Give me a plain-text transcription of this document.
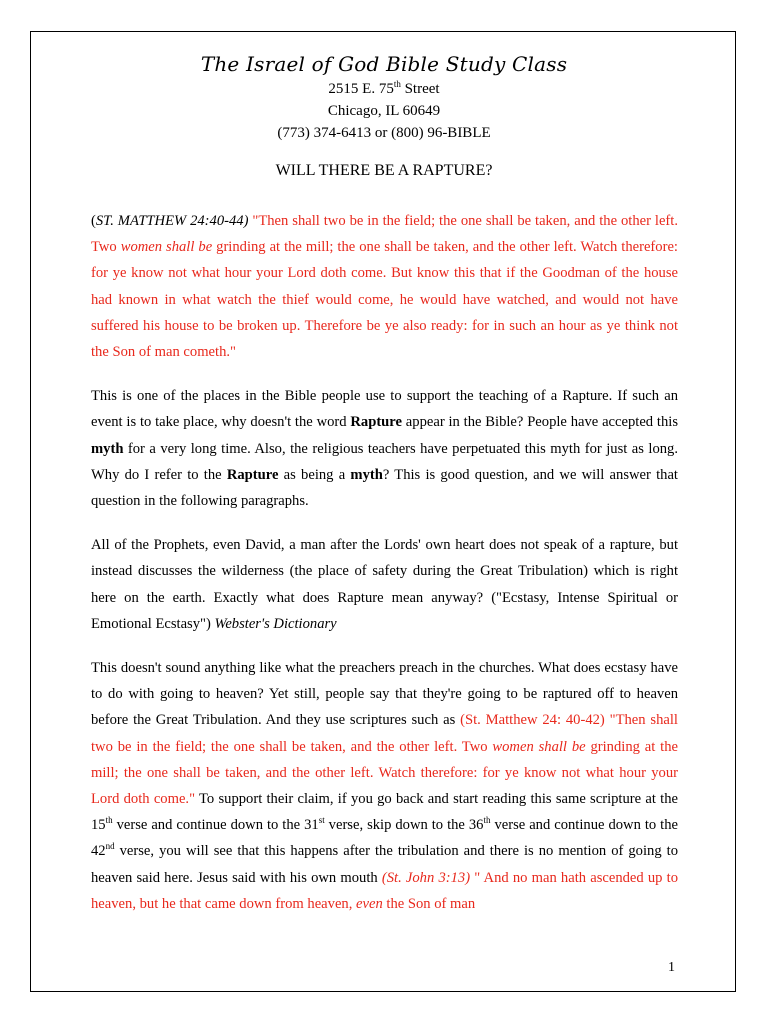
The Israel of God Bible Study Class
2515 E. 75th Street
Chicago, IL 60649
(773) 374-6413 or (800) 96-BIBLE
WILL THERE BE A RAPTURE?

(ST. MATTHEW 24:40-44) "Then shall two be in the field; the one shall be taken, and the other left. Two women shall be grinding at the mill; the one shall be taken, and the other left. Watch therefore: for ye know not what hour your Lord doth come. But know this that if the Goodman of the house had known in what watch the thief would come, he would have watched, and would not have suffered his house to be broken up. Therefore be ye also ready: for in such an hour as ye think not the Son of man cometh."

This is one of the places in the Bible people use to support the teaching of a Rapture. If such an event is to take place, why doesn't the word Rapture appear in the Bible? People have accepted this myth for a very long time. Also, the religious teachers have perpetuated this myth for just as long. Why do I refer to the Rapture as being a myth? This is good question, and we will answer that question in the following paragraphs.

All of the Prophets, even David, a man after the Lords' own heart does not speak of a rapture, but instead discusses the wilderness (the place of safety during the Great Tribulation) which is right here on the earth. Exactly what does Rapture mean anyway? ("Ecstasy, Intense Spiritual or Emotional Ecstasy") Webster's Dictionary

This doesn't sound anything like what the preachers preach in the churches. What does ecstasy have to do with going to heaven? Yet still, people say that they're going to be raptured off to heaven before the Great Tribulation. And they use scriptures such as (St. Matthew 24: 40-42) "Then shall two be in the field; the one shall be taken, and the other left. Two women shall be grinding at the mill; the one shall be taken, and the other left. Watch therefore: for ye know not what hour your Lord doth come." To support their claim, if you go back and start reading this same scripture at the 15th verse and continue down to the 31st verse, skip down to the 36th verse and continue down to the 42nd verse, you will see that this happens after the tribulation and there is no mention of going to heaven said here. Jesus said with his own mouth (St. John 3:13) " And no man hath ascended up to heaven, but he that came down from heaven, even the Son of man

1
